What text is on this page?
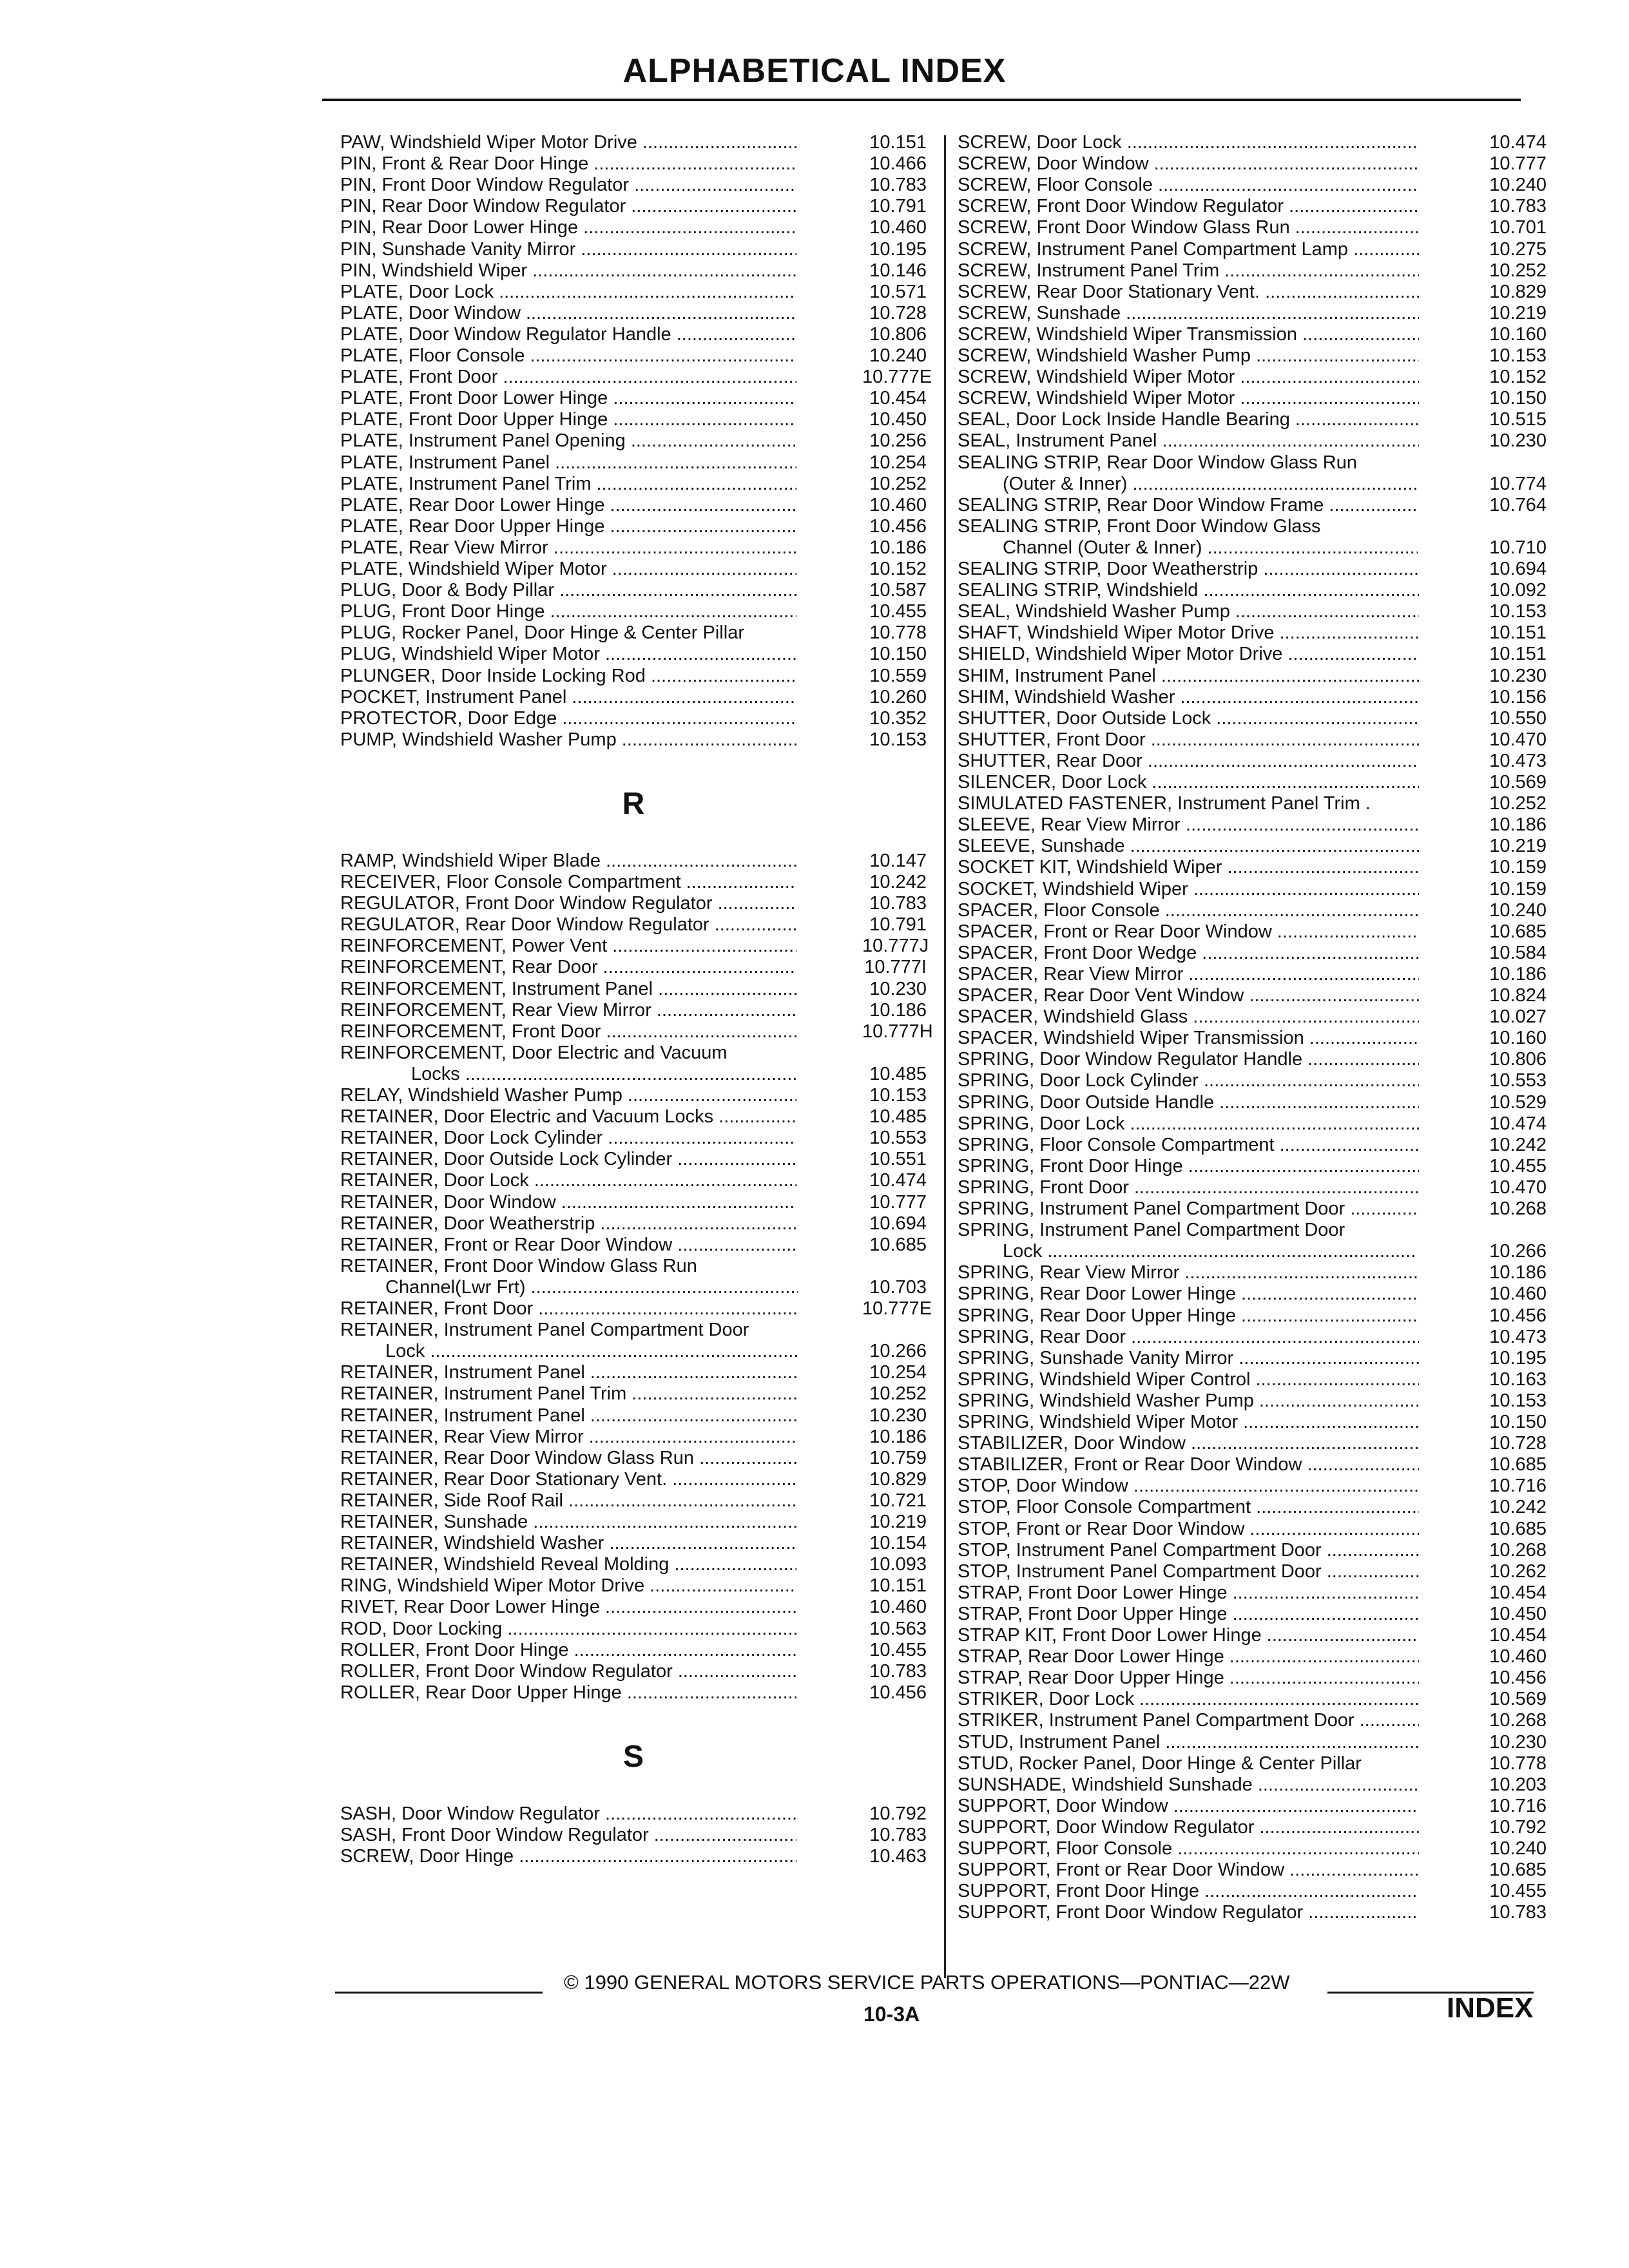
ALPHABETICAL INDEX
PAW, Windshield Wiper Motor Drive .....	10.151
PIN, Front & Rear Door Hinge .....	10.466
PIN, Front Door Window Regulator .....	10.783
PIN, Rear Door Window Regulator .....	10.791
PIN, Rear Door Lower Hinge .....	10.460
PIN, Sunshade Vanity Mirror .....	10.195
PIN, Windshield Wiper .....	10.146
PLATE, Door Lock .....	10.571
PLATE, Door Window .....	10.728
PLATE, Door Window Regulator Handle .....	10.806
PLATE, Floor Console .....	10.240
PLATE, Front Door .....	10.777E
PLATE, Front Door Lower Hinge .....	10.454
PLATE, Front Door Upper Hinge .....	10.450
PLATE, Instrument Panel Opening .....	10.256
PLATE, Instrument Panel .....	10.254
PLATE, Instrument Panel Trim .....	10.252
PLATE, Rear Door Lower Hinge .....	10.460
PLATE, Rear Door Upper Hinge .....	10.456
PLATE, Rear View Mirror .....	10.186
PLATE, Windshield Wiper Motor .....	10.152
PLUG, Door & Body Pillar .....	10.587
PLUG, Front Door Hinge .....	10.455
PLUG, Rocker Panel, Door Hinge & Center Pillar	10.778
PLUG, Windshield Wiper Motor .....	10.150
PLUNGER, Door Inside Locking Rod .....	10.559
POCKET, Instrument Panel .....	10.260
PROTECTOR, Door Edge .....	10.352
PUMP, Windshield Washer Pump .....	10.153
R
RAMP, Windshield Wiper Blade .....	10.147
RECEIVER, Floor Console Compartment .....	10.242
REGULATOR, Front Door Window Regulator .....	10.783
REGULATOR, Rear Door Window Regulator .....	10.791
REINFORCEMENT, Power Vent .....	10.777J
REINFORCEMENT, Rear Door .....	10.777I
REINFORCEMENT, Instrument Panel .....	10.230
REINFORCEMENT, Rear View Mirror .....	10.186
REINFORCEMENT, Front Door .....	10.777H
REINFORCEMENT, Door Electric and Vacuum
Locks .....	10.485
RELAY, Windshield Washer Pump .....	10.153
RETAINER, Door Electric and Vacuum Locks .....	10.485
RETAINER, Door Lock Cylinder .....	10.553
RETAINER, Door Outside Lock Cylinder .....	10.551
RETAINER, Door Lock .....	10.474
RETAINER, Door Window .....	10.777
RETAINER, Door Weatherstrip .....	10.694
RETAINER, Front or Rear Door Window .....	10.685
RETAINER, Front Door Window Glass Run
Channel(Lwr Frt) .....	10.703
RETAINER, Front Door .....	10.777E
RETAINER, Instrument Panel Compartment Door
Lock .....	10.266
RETAINER, Instrument Panel .....	10.254
RETAINER, Instrument Panel Trim .....	10.252
RETAINER, Instrument Panel .....	10.230
RETAINER, Rear View Mirror .....	10.186
RETAINER, Rear Door Window Glass Run .....	10.759
RETAINER, Rear Door Stationary Vent. .....	10.829
RETAINER, Side Roof Rail .....	10.721
RETAINER, Sunshade .....	10.219
RETAINER, Windshield Washer .....	10.154
RETAINER, Windshield Reveal Molding .....	10.093
RING, Windshield Wiper Motor Drive .....	10.151
RIVET, Rear Door Lower Hinge .....	10.460
ROD, Door Locking .....	10.563
ROLLER, Front Door Hinge .....	10.455
ROLLER, Front Door Window Regulator .....	10.783
ROLLER, Rear Door Upper Hinge .....	10.456
S
SASH, Door Window Regulator .....	10.792
SASH, Front Door Window Regulator .....	10.783
SCREW, Door Hinge .....	10.463
SCREW, Door Lock .....	10.474
SCREW, Door Window .....	10.777
SCREW, Floor Console .....	10.240
SCREW, Front Door Window Regulator .....	10.783
SCREW, Front Door Window Glass Run .....	10.701
SCREW, Instrument Panel Compartment Lamp .....	10.275
SCREW, Instrument Panel Trim .....	10.252
SCREW, Rear Door Stationary Vent. .....	10.829
SCREW, Sunshade .....	10.219
SCREW, Windshield Wiper Transmission .....	10.160
SCREW, Windshield Washer Pump .....	10.153
SCREW, Windshield Wiper Motor .....	10.152
SCREW, Windshield Wiper Motor .....	10.150
SEAL, Door Lock Inside Handle Bearing .....	10.515
SEAL, Instrument Panel .....	10.230
SEALING STRIP, Rear Door Window Glass Run
(Outer & Inner) .....	10.774
SEALING STRIP, Rear Door Window Frame .....	10.764
SEALING STRIP, Front Door Window Glass
Channel (Outer & Inner) .....	10.710
SEALING STRIP, Door Weatherstrip .....	10.694
SEALING STRIP, Windshield .....	10.092
SEAL, Windshield Washer Pump .....	10.153
SHAFT, Windshield Wiper Motor Drive .....	10.151
SHIELD, Windshield Wiper Motor Drive .....	10.151
SHIM, Instrument Panel .....	10.230
SHIM, Windshield Washer .....	10.156
SHUTTER, Door Outside Lock .....	10.550
SHUTTER, Front Door .....	10.470
SHUTTER, Rear Door .....	10.473
SILENCER, Door Lock .....	10.569
SIMULATED FASTENER, Instrument Panel Trim .	10.252
SLEEVE, Rear View Mirror .....	10.186
SLEEVE, Sunshade .....	10.219
SOCKET KIT, Windshield Wiper .....	10.159
SOCKET, Windshield Wiper .....	10.159
SPACER, Floor Console .....	10.240
SPACER, Front or Rear Door Window .....	10.685
SPACER, Front Door Wedge .....	10.584
SPACER, Rear View Mirror .....	10.186
SPACER, Rear Door Vent Window .....	10.824
SPACER, Windshield Glass .....	10.027
SPACER, Windshield Wiper Transmission .....	10.160
SPRING, Door Window Regulator Handle .....	10.806
SPRING, Door Lock Cylinder .....	10.553
SPRING, Door Outside Handle .....	10.529
SPRING, Door Lock .....	10.474
SPRING, Floor Console Compartment .....	10.242
SPRING, Front Door Hinge .....	10.455
SPRING, Front Door .....	10.470
SPRING, Instrument Panel Compartment Door .....	10.268
SPRING, Instrument Panel Compartment Door
Lock .....	10.266
SPRING, Rear View Mirror .....	10.186
SPRING, Rear Door Lower Hinge .....	10.460
SPRING, Rear Door Upper Hinge .....	10.456
SPRING, Rear Door .....	10.473
SPRING, Sunshade Vanity Mirror .....	10.195
SPRING, Windshield Wiper Control .....	10.163
SPRING, Windshield Washer Pump .....	10.153
SPRING, Windshield Wiper Motor .....	10.150
STABILIZER, Door Window .....	10.728
STABILIZER, Front or Rear Door Window .....	10.685
STOP, Door Window .....	10.716
STOP, Floor Console Compartment .....	10.242
STOP, Front or Rear Door Window .....	10.685
STOP, Instrument Panel Compartment Door .....	10.268
STOP, Instrument Panel Compartment Door .....	10.262
STRAP, Front Door Lower Hinge .....	10.454
STRAP, Front Door Upper Hinge .....	10.450
STRAP KIT, Front Door Lower Hinge .....	10.454
STRAP, Rear Door Lower Hinge .....	10.460
STRAP, Rear Door Upper Hinge .....	10.456
STRIKER, Door Lock .....	10.569
STRIKER, Instrument Panel Compartment Door .....	10.268
STUD, Instrument Panel .....	10.230
STUD, Rocker Panel, Door Hinge & Center Pillar	10.778
SUNSHADE, Windshield Sunshade .....	10.203
SUPPORT, Door Window .....	10.716
SUPPORT, Door Window Regulator .....	10.792
SUPPORT, Floor Console .....	10.240
SUPPORT, Front or Rear Door Window .....	10.685
SUPPORT, Front Door Hinge .....	10.455
SUPPORT, Front Door Window Regulator .....	10.783
© 1990 GENERAL MOTORS SERVICE PARTS OPERATIONS—PONTIAC—22W
10-3A	INDEX
